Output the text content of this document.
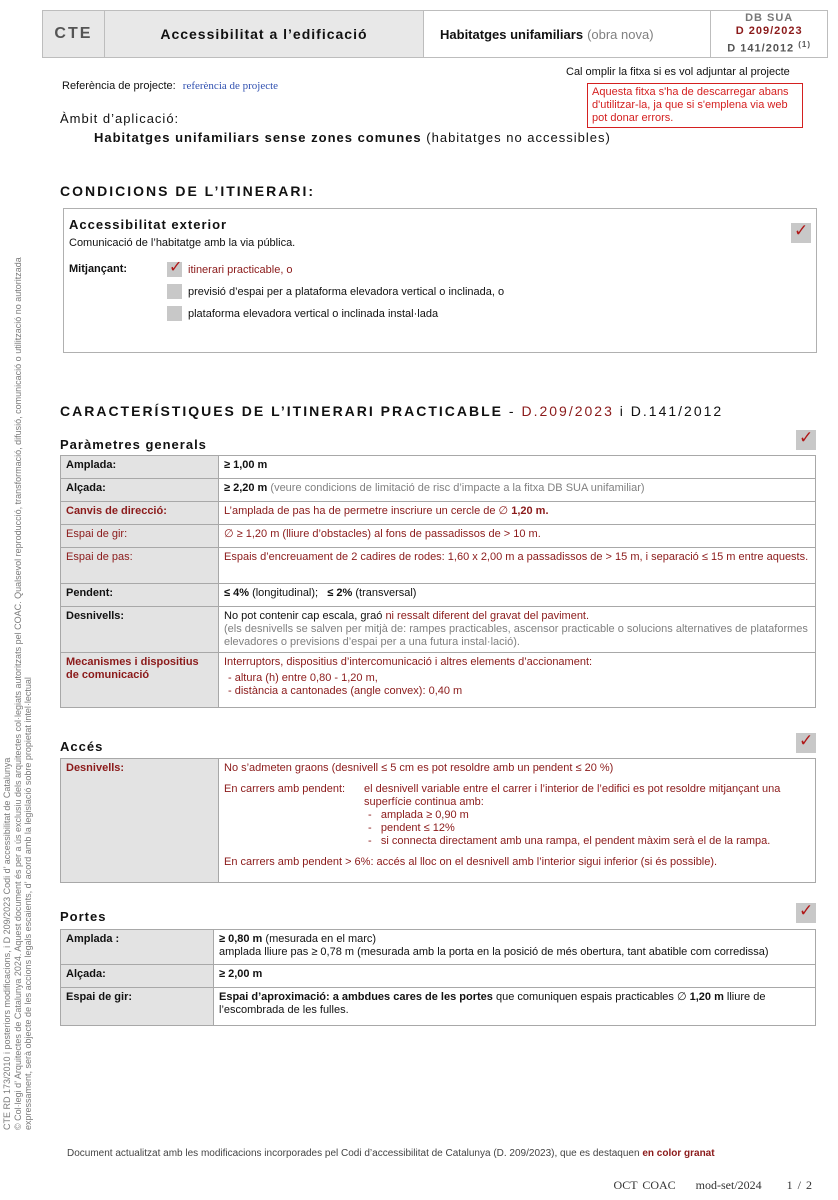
CTE	Accessibilitat a l’edificació	Habitatges unifamiliars (obra nova)
DB SUA
D 209/2023
D 141/2012 $^{(1)}$
Referència de projecte: referència de projecte
Cal omplir la fitxa si es vol adjuntar al projecte
Aquesta fitxa s'ha de descarregar abans d'utilitzar-la, ja que si s'emplena via web pot donar errors.
Àmbit d’aplicació:
Habitatges unifamiliars sense zones comunes (habitatges no accessibles)
CONDICIONS DE L’ITINERARI:
Accessibilitat exterior
Comunicació de l’habitatge amb la via pública.
✓
Mitjançant: ✓	itinerari practicable, o
previsió d’espai per a plataforma elevadora vertical o inclinada, o
plataforma elevadora vertical o inclinada instal·lada
CARACTERÍSTIQUES DE L’ITINERARI PRACTICABLE - D.209/2023 i D.141/2012
Paràmetres generals
✓
Amplada:	≥ 1,00 m
Alçada:	≥ 2,20 m (veure condicions de limitació de risc d’impacte a la fitxa DB SUA unifamiliar)
Canvis de direcció:	L’amplada de pas ha de permetre inscriure un cercle de ∅ 1,20 m.
Espai de gir:	∅ ≥ 1,20 m (lliure d’obstacles) al fons de passadissos de > 10 m.
Espai de pas:	Espais d’encreuament de 2 cadires de rodes: 1,60 x 2,00 m a passadissos de > 15 m, i separació ≤ 15 m entre aquests.
Pendent:	≤ 4% (longitudinal); ≤ 2% (transversal)
Desnivells:	No pot contenir cap escala, graó ni ressalt diferent del gravat del paviment.
(els desnivells se salven per mitjà de: rampes practicables, ascensor practicable o solucions alternatives de plataformes elevadores o previsions d’espai per a una futura instal·lació).

Mecanismes i dispositius de comunicació	Interruptors, dispositius d’intercomunicació i altres elements d’accionament:
- altura (h) entre 0,80 - 1,20 m,
- distància a cantonades (angle convex): 0,40 m
Accés
✓
Desnivells:	No s’admeten graons (desnivell ≤ 5 cm es pot resoldre amb un pendent ≤ 20 %)
En carrers amb pendent:	el desnivell variable entre el carrer i l’interior de l’edifici es pot resoldre mitjançant una superfície continua amb:
-   amplada ≥ 0,90 m
-   pendent ≤ 12%
-   si connecta directament amb una rampa, el pendent màxim serà el de la rampa.
En carrers amb pendent > 6%: accés al lloc on el desnivell amb l’interior sigui inferior (si és possible).
Portes
✓
Amplada :	≥ 0,80 m (mesurada en el marc)
amplada lliure pas ≥ 0,78 m (mesurada amb la porta en la posició de més obertura, tant abatible com corredissa)

Alçada:	≥ 2,00 m
Espai de gir:	Espai d’aproximació: a ambdues cares de les portes que comuniquen espais practicables ∅ 1,20 m lliure de l’escombrada de les fulles.
CTE RD 173/2010 i posteriors modificacions, i D 209/2023 Codi d’ accessibilitat de Catalunya © Col·legi d’ Arquitectes de Catalunya 2024. Aquest document és per a ús exclusiu dels arquitectes col·legiats autoritzats pel COAC. Qualsevol reproducció, transformació, difusió, comunicació o utilització no autoritzada expressament, serà objecte de les accions legals escaients, d’ acord amb la legislació sobre propietat intel·lectual
Document actualitzat amb les modificacions incorporades pel Codi d’accessibilitat de Catalunya (D. 209/2023), que es destaquen en color granat
OCT COAC mod-set/2024 1 / 2
